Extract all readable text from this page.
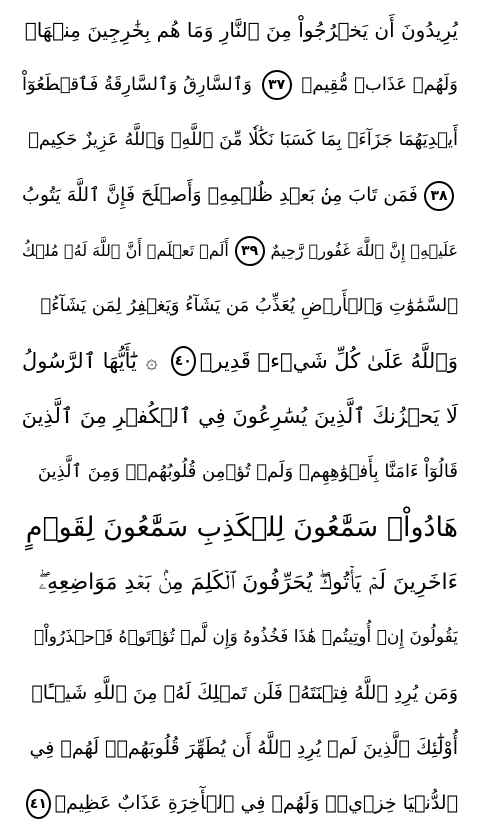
يُرِيدُونَ أَن يَخۡرُجُواْ مِنَ ٱلنَّارِ وَمَا هُم بِخَٰرِجِينَ مِنۡهَاۖ
وَلَهُمۡ عَذَابٞ مُّقِيمٞ
٣٧
وَٱلسَّارِقُ وَٱلسَّارِقَةُ فَٱقۡطَعُوٓاْ
أَيۡدِيَهُمَا جَزَآءَۢ بِمَا كَسَبَا نَكَٰلٗا مِّنَ ٱللَّهِۗ وَٱللَّهُ عَزِيزٌ حَكِيمٞ
٣٨
فَمَن تَابَ مِنۢ بَعۡدِ ظُلۡمِهِۦ وَأَصۡلَحَ فَإِنَّ ٱللَّهَ يَتُوبُ
عَلَيۡهِۚ إِنَّ ٱللَّهَ غَفُورٞ رَّحِيمٌ
٣٩
أَلَمۡ تَعۡلَمۡ أَنَّ ٱللَّهَ لَهُۥ مُلۡكُ
ٱلسَّمَٰوَٰتِ وَٱلۡأَرۡضِ يُعَذِّبُ مَن يَشَآءُ وَيَغۡفِرُ لِمَن يَشَآءُۗ
وَٱللَّهُ عَلَىٰ كُلِّ شَيۡءٖ قَدِيرٞ
٤٠
۞
يَٰٓأَيُّهَا ٱلرَّسُولُ
لَا يَحۡزُنكَ ٱلَّذِينَ يُسَٰرِعُونَ فِي ٱلۡكُفۡرِ مِنَ ٱلَّذِينَ
قَالُوٓاْ ءَامَنَّا بِأَفۡوَٰهِهِمۡ وَلَمۡ تُؤۡمِن قُلُوبُهُمۡۛ وَمِنَ ٱلَّذِينَ
هَادُواْۛ سَمَّٰعُونَ لِلۡكَذِبِ سَمَّٰعُونَ لِقَوۡمٍ
ءَاخَرِينَ لَمۡ يَأۡتُوكَۖ يُحَرِّفُونَ ٱلۡكَلِمَ مِنۢ بَعۡدِ مَوَاضِعِهِۦۖ
يَقُولُونَ إِنۡ أُوتِيتُمۡ هَٰذَا فَخُذُوهُ وَإِن لَّمۡ تُؤۡتَوۡهُ فَٱحۡذَرُواْۚ
وَمَن يُرِدِ ٱللَّهُ فِتۡنَتَهُۥ فَلَن تَمۡلِكَ لَهُۥ مِنَ ٱللَّهِ شَيۡـًٔاۚ
أُوْلَٰٓئِكَ ٱلَّذِينَ لَمۡ يُرِدِ ٱللَّهُ أَن يُطَهِّرَ قُلُوبَهُمۡۚ لَهُمۡ فِي
ٱلدُّنۡيَا خِزۡيٞۖ وَلَهُمۡ فِي ٱلۡأٓخِرَةِ عَذَابٌ عَظِيمٞ
٤١
